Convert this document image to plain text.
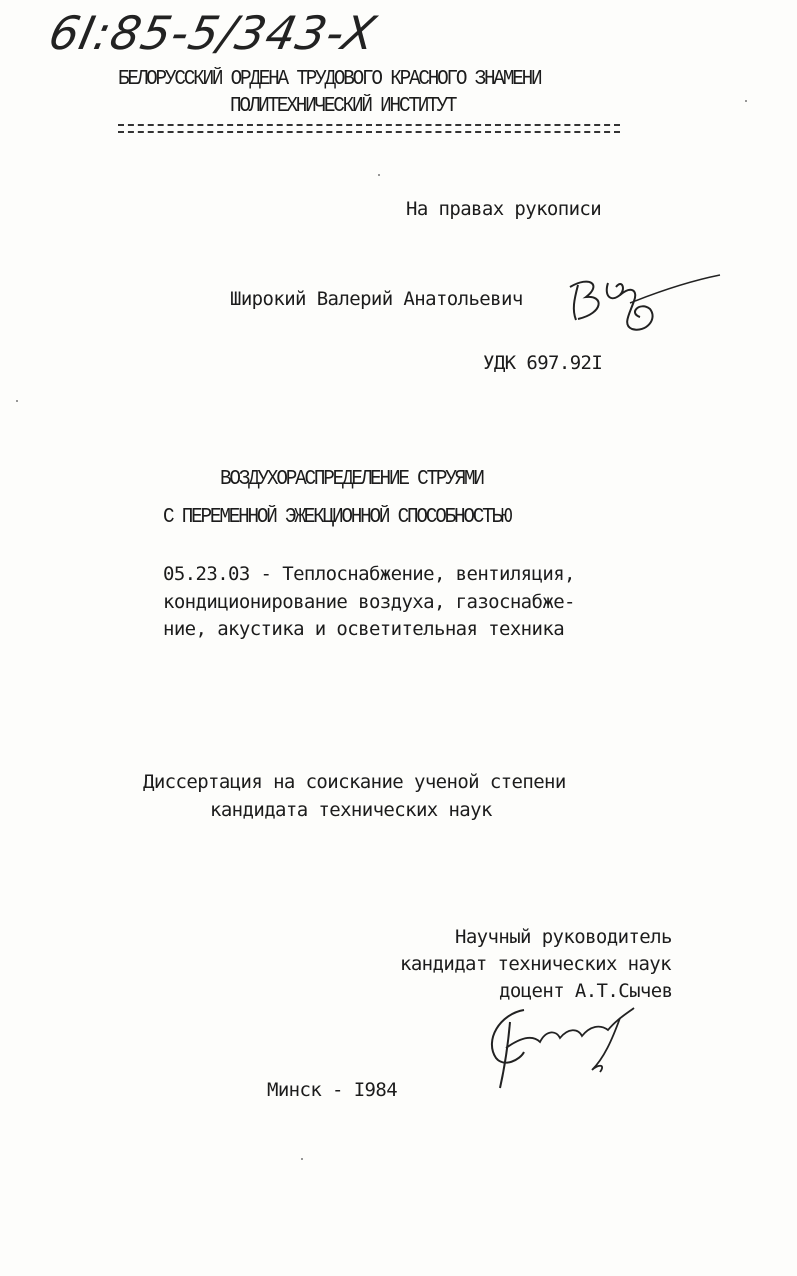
6I:85-5/343-X
БЕЛОРУССКИЙ ОРДЕНА ТРУДОВОГО КРАСНОГО ЗНАМЕНИ
ПОЛИТЕХНИЧЕСКИЙ ИНСТИТУТ
На правах рукописи
Широкий Валерий Анатольевич
УДК 697.92I
ВОЗДУХОРАСПРЕДЕЛЕНИЕ СТРУЯМИ
С ПЕРЕМЕННОЙ ЭЖЕКЦИОННОЙ СПОСОБНОСТЬЮ
05.23.03 - Теплоснабжение, вентиляция,
кондиционирование воздуха, газоснабже-
ние, акустика и осветительная техника
Диссертация на соискание ученой степени
кандидата технических наук
Научный руководитель
кандидат технических наук
доцент А.Т.Сычев
Минск - I984
